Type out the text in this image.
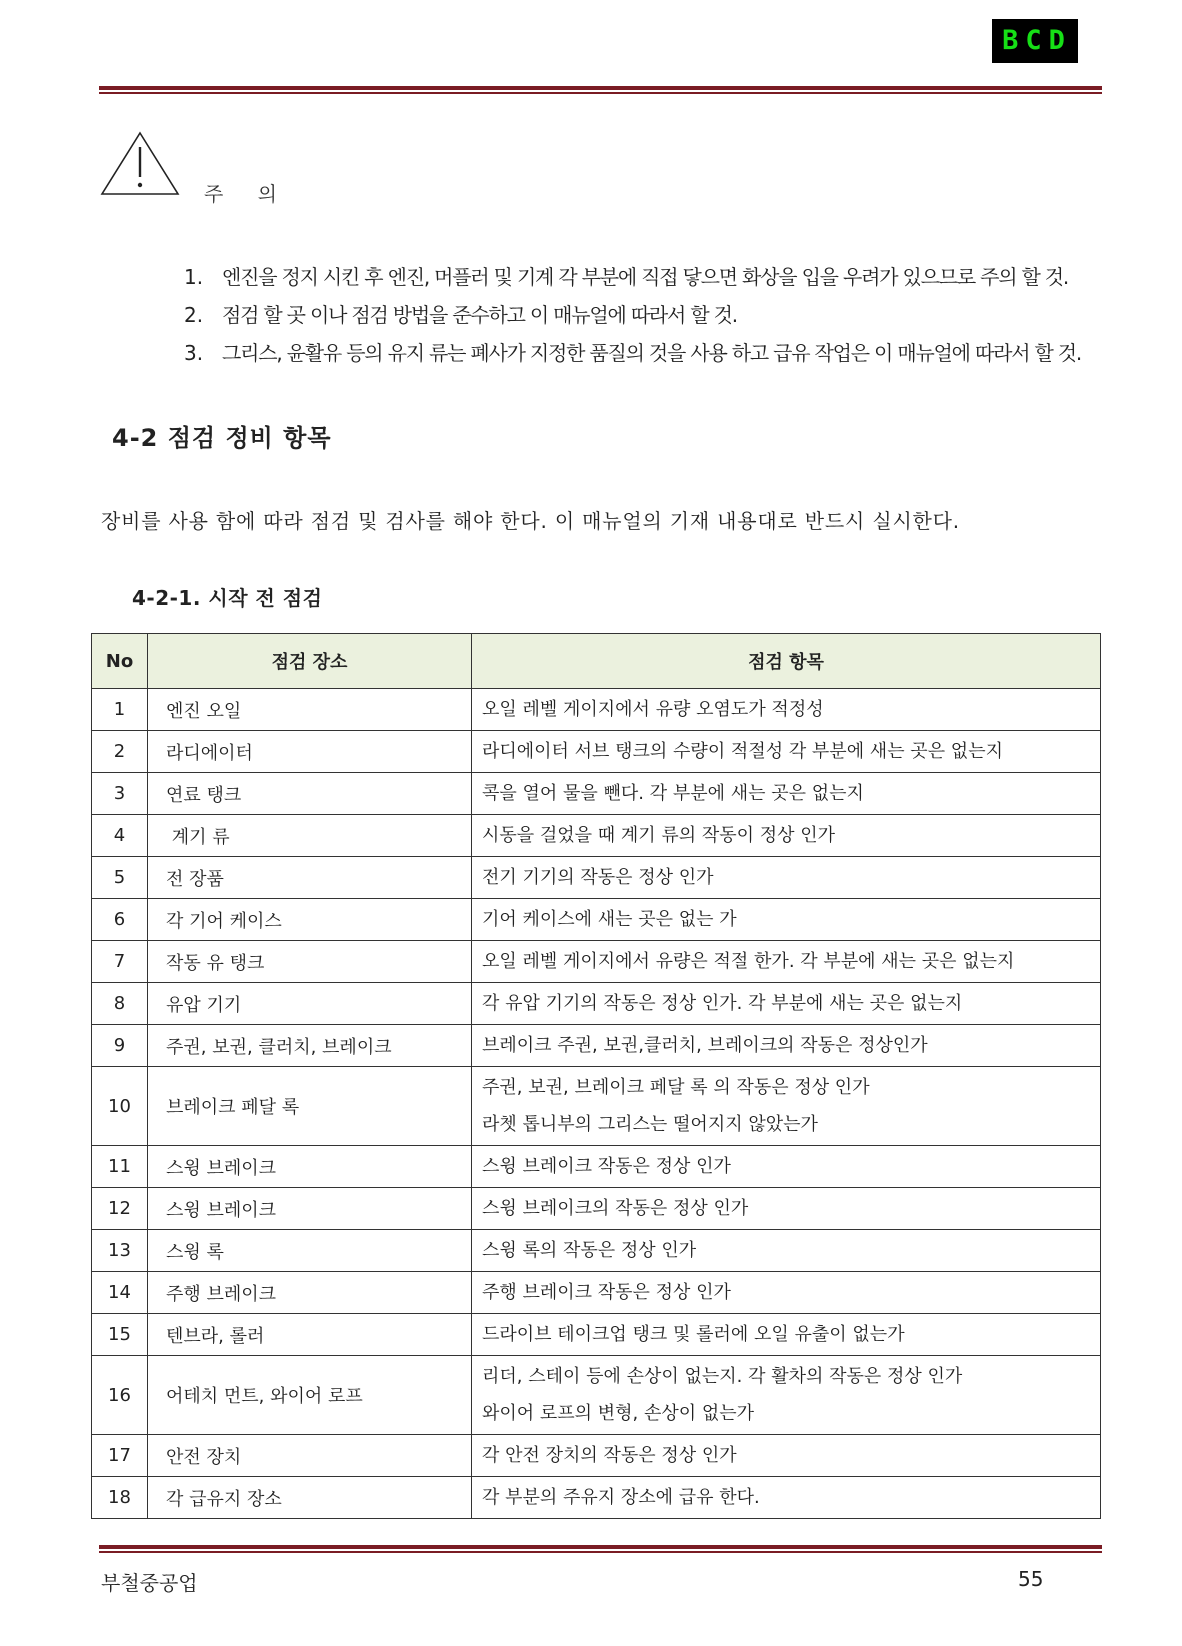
BCD
주 의
1. 엔진을 정지 시킨 후 엔진, 머플러 및 기계 각 부분에 직접 닿으면 화상을 입을 우려가 있으므로 주의 할 것.
2. 점검 할 곳 이나 점검 방법을 준수하고 이 매뉴얼에 따라서 할 것.
3. 그리스, 윤활유 등의 유지 류는 폐사가 지정한 품질의 것을 사용 하고 급유 작업은 이 매뉴얼에 따라서 할 것.
4-2 점검 정비 항목
장비를 사용 함에 따라 점검 및 검사를 해야 한다. 이 매뉴얼의 기재 내용대로 반드시 실시한다.
4-2-1. 시작 전 점검
No	점검 장소	점검 항목
1	엔진 오일	오일 레벨 게이지에서 유량 오염도가 적정성

2	라디에이터	라디에이터 서브 탱크의 수량이 적절성 각 부분에 새는 곳은 없는지

3	연료 탱크	콕을 열어 물을 뺀다. 각 부분에 새는 곳은 없는지

4	계기 류	시동을 걸었을 때 계기 류의 작동이 정상 인가

5	전 장품	전기 기기의 작동은 정상 인가

6	각 기어 케이스	기어 케이스에 새는 곳은 없는 가

7	작동 유 탱크	오일 레벨 게이지에서 유량은 적절 한가. 각 부분에 새는 곳은 없는지

8	유압 기기	각 유압 기기의 작동은 정상 인가. 각 부분에 새는 곳은 없는지

9	주권, 보권, 클러치, 브레이크	브레이크 주권, 보권,클러치, 브레이크의 작동은 정상인가

10	브레이크 페달 록	주권, 보권, 브레이크 페달 록 의 작동은 정상 인가
라쳇 톱니부의 그리스는 떨어지지 않았는가

11	스윙 브레이크	스윙 브레이크 작동은 정상 인가

12	스윙 브레이크	스윙 브레이크의 작동은 정상 인가

13	스윙 록	스윙 록의 작동은 정상 인가

14	주행 브레이크	주행 브레이크 작동은 정상 인가

15	텐브라, 롤러	드라이브 테이크업 탱크 및 롤러에 오일 유출이 없는가

16	어테치 먼트, 와이어 로프	리더, 스테이 등에 손상이 없는지. 각 활차의 작동은 정상 인가
와이어 로프의 변형, 손상이 없는가

17	안전 장치	각 안전 장치의 작동은 정상 인가

18	각 급유지 장소	각 부분의 주유지 장소에 급유 한다.
부철중공업	55
